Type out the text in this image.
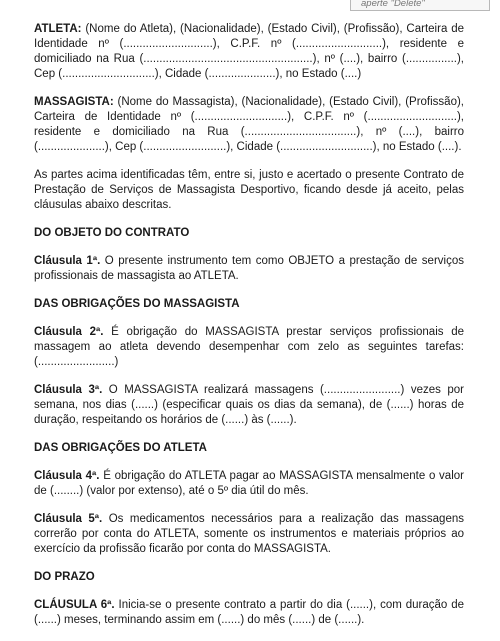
aperte "Delete"

ATLETA: (Nome do Atleta), (Nacionalidade), (Estado Civil), (Profissão), Carteira de Identidade nº (............................), C.P.F. nº (...........................), residente e domiciliado na Rua (.....................................................), nº (....), bairro (................), Cep (.............................), Cidade (.....................), no Estado (....)

MASSAGISTA: (Nome do Massagista), (Nacionalidade), (Estado Civil), (Profissão), Carteira de Identidade nº (.............................), C.P.F. nº (............................), residente e domiciliado na Rua (...................................), nº (....), bairro (.....................), Cep (..........................), Cidade (.............................), no Estado (....).

As partes acima identificadas têm, entre si, justo e acertado o presente Contrato de Prestação de Serviços de Massagista Desportivo, ficando desde já aceito, pelas cláusulas abaixo descritas.

DO OBJETO DO CONTRATO

Cláusula 1ª. O presente instrumento tem como OBJETO a prestação de serviços profissionais de massagista ao ATLETA.

DAS OBRIGAÇÕES DO MASSAGISTA

Cláusula 2ª. É obrigação do MASSAGISTA prestar serviços profissionais de massagem ao atleta devendo desempenhar com zelo as seguintes tarefas: (........................)

Cláusula 3ª. O MASSAGISTA realizará massagens (........................) vezes por semana, nos dias (......) (especificar quais os dias da semana), de (......) horas de duração, respeitando os horários de (......) às (......).

DAS OBRIGAÇÕES DO ATLETA

Cláusula 4ª. É obrigação do ATLETA pagar ao MASSAGISTA mensalmente o valor de (........) (valor por extenso), até o 5º dia útil do mês.

Cláusula 5ª. Os medicamentos necessários para a realização das massagens correrão por conta do ATLETA, somente os instrumentos e materiais próprios ao exercício da profissão ficarão por conta do MASSAGISTA.

DO PRAZO

CLÁUSULA 6ª. Inicia-se o presente contrato a partir do dia (......), com duração de (......) meses, terminando assim em (......) do mês (......) de (......).
